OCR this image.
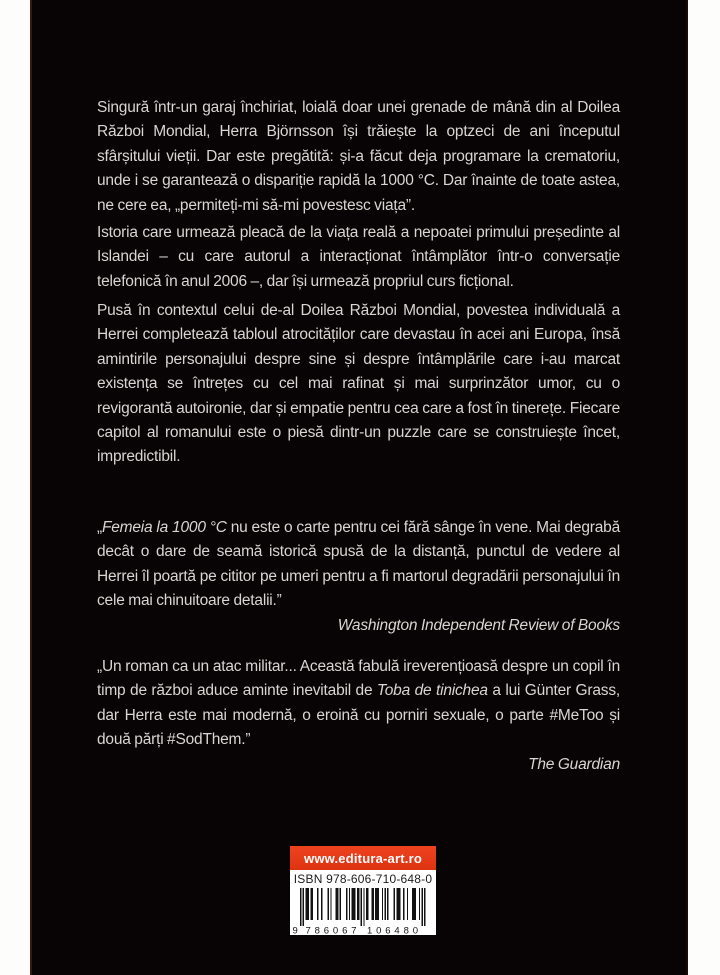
Singură într-un garaj închiriat, loială doar unei grenade de mână din al Doilea Război Mondial, Herra Björnsson își trăiește la optzeci de ani începutul sfârșitului vieții. Dar este pregătită: și-a făcut deja programare la crematoriu, unde i se garantează o dispariție rapidă la 1000 °C. Dar înainte de toate astea, ne cere ea, „permiteți-mi să-mi povestesc viața”.

Istoria care urmează pleacă de la viața reală a nepoatei primului președinte al Islandei – cu care autorul a interacționat întâmplător într-o conversație telefonică în anul 2006 –, dar își urmează propriul curs ficțional.

Pusă în contextul celui de-al Doilea Război Mondial, povestea individuală a Herrei completează tabloul atrocităților care devastau în acei ani Europa, însă amintirile personajului despre sine și despre întâmplările care i-au marcat existența se întrețes cu cel mai rafinat și mai surprinzător umor, cu o revigorantă autoironie, dar și empatie pentru cea care a fost în tinerețe. Fiecare capitol al romanului este o piesă dintr-un puzzle care se construiește încet, impredictibil.

„Femeia la 1000 °C nu este o carte pentru cei fără sânge în vene. Mai degrabă decât o dare de seamă istorică spusă de la distanță, punctul de vedere al Herrei îl poartă pe cititor pe umeri pentru a fi martorul degradării personajului în cele mai chinuitoare detalii.”

Washington Independent Review of Books

„Un roman ca un atac militar... Această fabulă ireverențioasă despre un copil în timp de război aduce aminte inevitabil de Toba de tinichea a lui Günter Grass, dar Herra este mai modernă, o eroină cu porniri sexuale, o parte #MeToo și două părți #SodThem.”

The Guardian
www.editura-art.ro
ISBN 978-606-710-648-0
9 786067 106480
